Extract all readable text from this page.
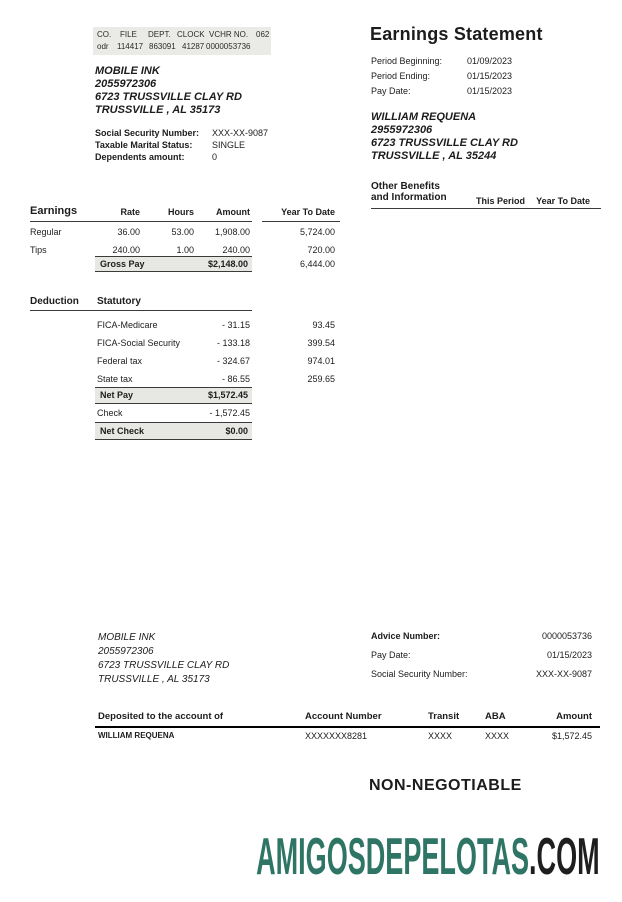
CO. FILE DEPT. CLOCK VCHR NO. 062
odr 114417 863091 41287 0000053736
MOBILE INK
2055972306
6723 TRUSSVILLE CLAY RD
TRUSSVILLE , AL 35173
Social Security Number: XXX-XX-9087
Taxable Marital Status: SINGLE
Dependents amount:	0
Earnings Statement
Period Beginning:	01/09/2023
Period Ending:	01/15/2023
Pay Date:	01/15/2023
WILLIAM REQUENA
2955972306
6723 TRUSSVILLE CLAY RD
TRUSSVILLE , AL 35244
Other Benefits
and Information	This Period	Year To Date
Earnings	Rate	Hours	Amount	Year To Date
Regular	36.00	53.00	1,908.00	5,724.00
Tips	240.00	1.00	240.00	720.00
Gross Pay	$2,148.00	6,444.00
Deduction Statutory
FICA-Medicare	- 31.15	93.45
FICA-Social Security	- 133.18	399.54
Federal tax	- 324.67	974.01
State tax	- 86.55	259.65
Net Pay	$1,572.45
Check	- 1,572.45
Net Check	$0.00
MOBILE INK
2055972306
6723 TRUSSVILLE CLAY RD
TRUSSVILLE , AL 35173
Advice Number:	0000053736
Pay Date:	01/15/2023
Social Security Number:	XXX-XX-9087
Deposited to the account of	Account Number	Transit	ABA	Amount
WILLIAM REQUENA	XXXXXXX8281	XXXX	XXXX	$1,572.45
NON-NEGOTIABLE
AMIGOSDEPELOTAS.COM
